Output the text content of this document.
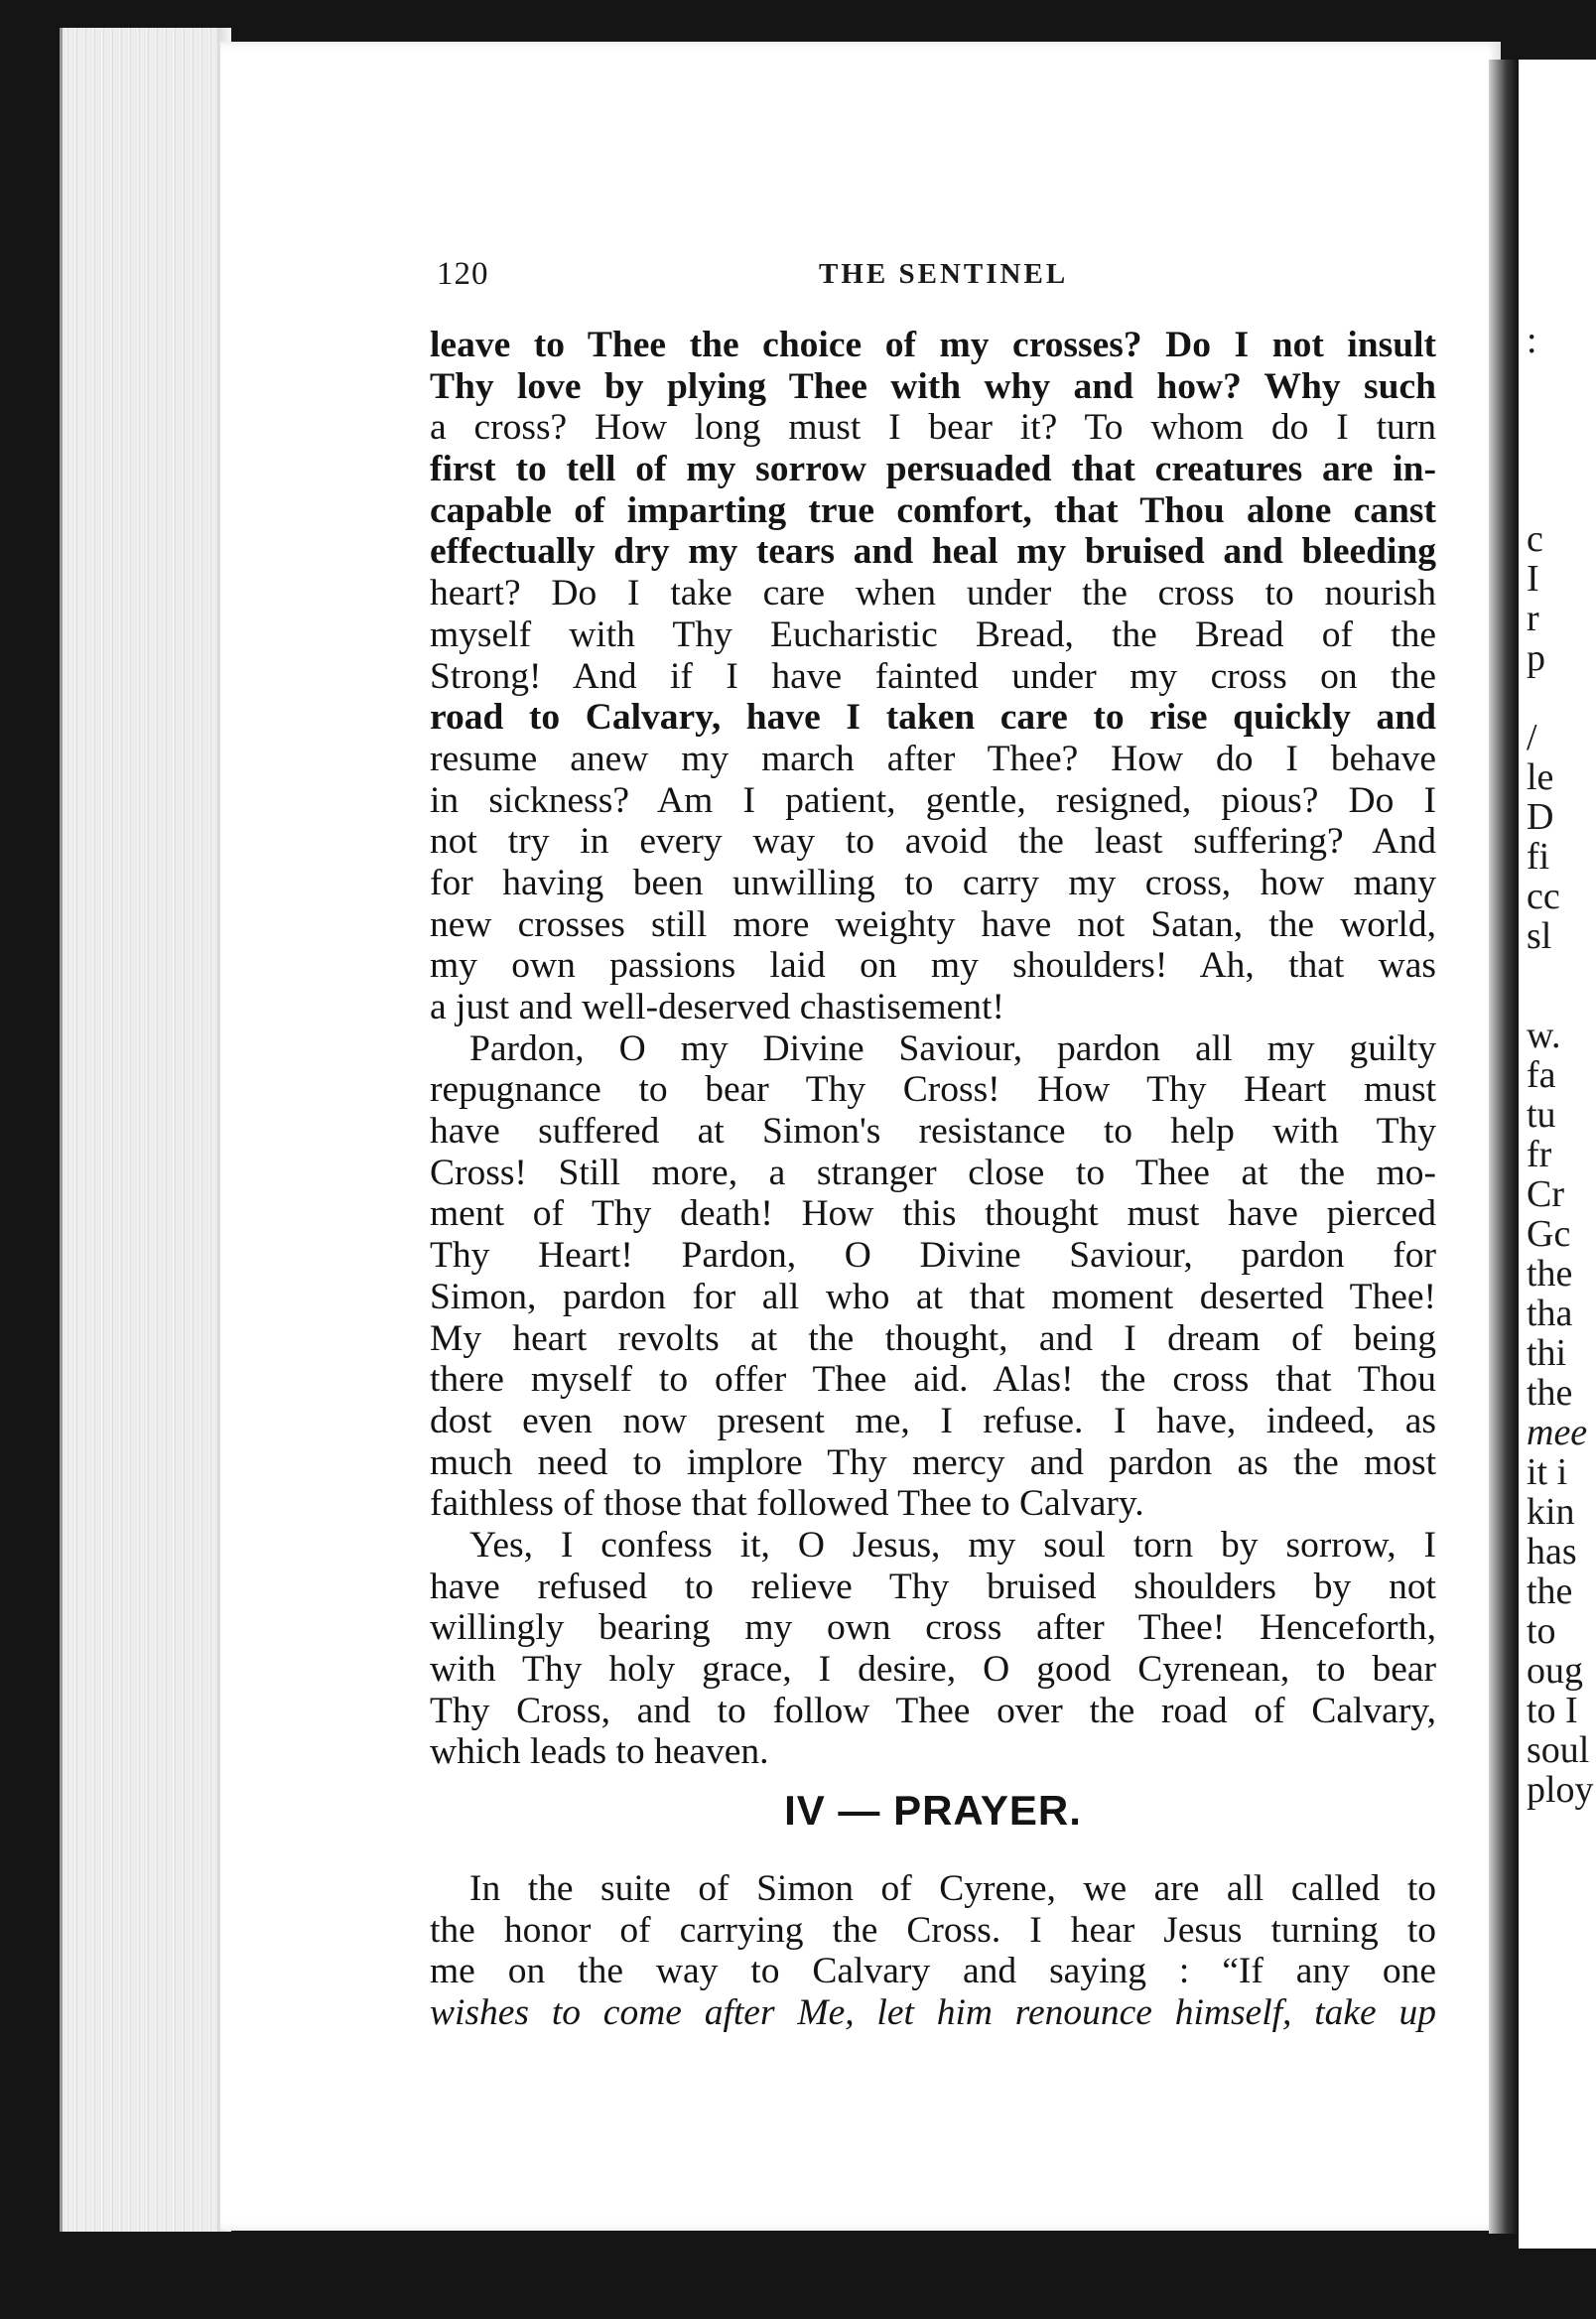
:
c
I
r
p
/
le
D
fi
cc
sl
w.
fa
tu
fr
Cr
Gc
the
tha
thi
the
mee
it i
kin
has
the
to
oug
to I
soul
ploy
120	THE SENTINEL
leave to Thee the choice of my crosses? Do I not insult
Thy love by plying Thee with why and how? Why such
a cross? How long must I bear it? To whom do I turn
first to tell of my sorrow persuaded that creatures are in-
capable of imparting true comfort, that Thou alone canst
effectually dry my tears and heal my bruised and bleeding
heart? Do I take care when under the cross to nourish
myself with Thy Eucharistic Bread, the Bread of the
Strong! And if I have fainted under my cross on the
road to Calvary, have I taken care to rise quickly and
resume anew my march after Thee? How do I behave
in sickness? Am I patient, gentle, resigned, pious? Do I
not try in every way to avoid the least suffering? And
for having been unwilling to carry my cross, how many
new crosses still more weighty have not Satan, the world,
my own passions laid on my shoulders! Ah, that was
a just and well-deserved chastisement!
Pardon, O my Divine Saviour, pardon all my guilty
repugnance to bear Thy Cross! How Thy Heart must
have suffered at Simon's resistance to help with Thy
Cross! Still more, a stranger close to Thee at the mo-
ment of Thy death! How this thought must have pierced
Thy Heart! Pardon, O Divine Saviour, pardon for
Simon, pardon for all who at that moment deserted Thee!
My heart revolts at the thought, and I dream of being
there myself to offer Thee aid. Alas! the cross that Thou
dost even now present me, I refuse. I have, indeed, as
much need to implore Thy mercy and pardon as the most
faithless of those that followed Thee to Calvary.
Yes, I confess it, O Jesus, my soul torn by sorrow, I
have refused to relieve Thy bruised shoulders by not
willingly bearing my own cross after Thee! Henceforth,
with Thy holy grace, I desire, O good Cyrenean, to bear
Thy Cross, and to follow Thee over the road of Calvary,
which leads to heaven.
IV — PRAYER.
In the suite of Simon of Cyrene, we are all called to
the honor of carrying the Cross. I hear Jesus turning to
me on the way to Calvary and saying : “If any one
wishes to come after Me, let him renounce himself, take up
